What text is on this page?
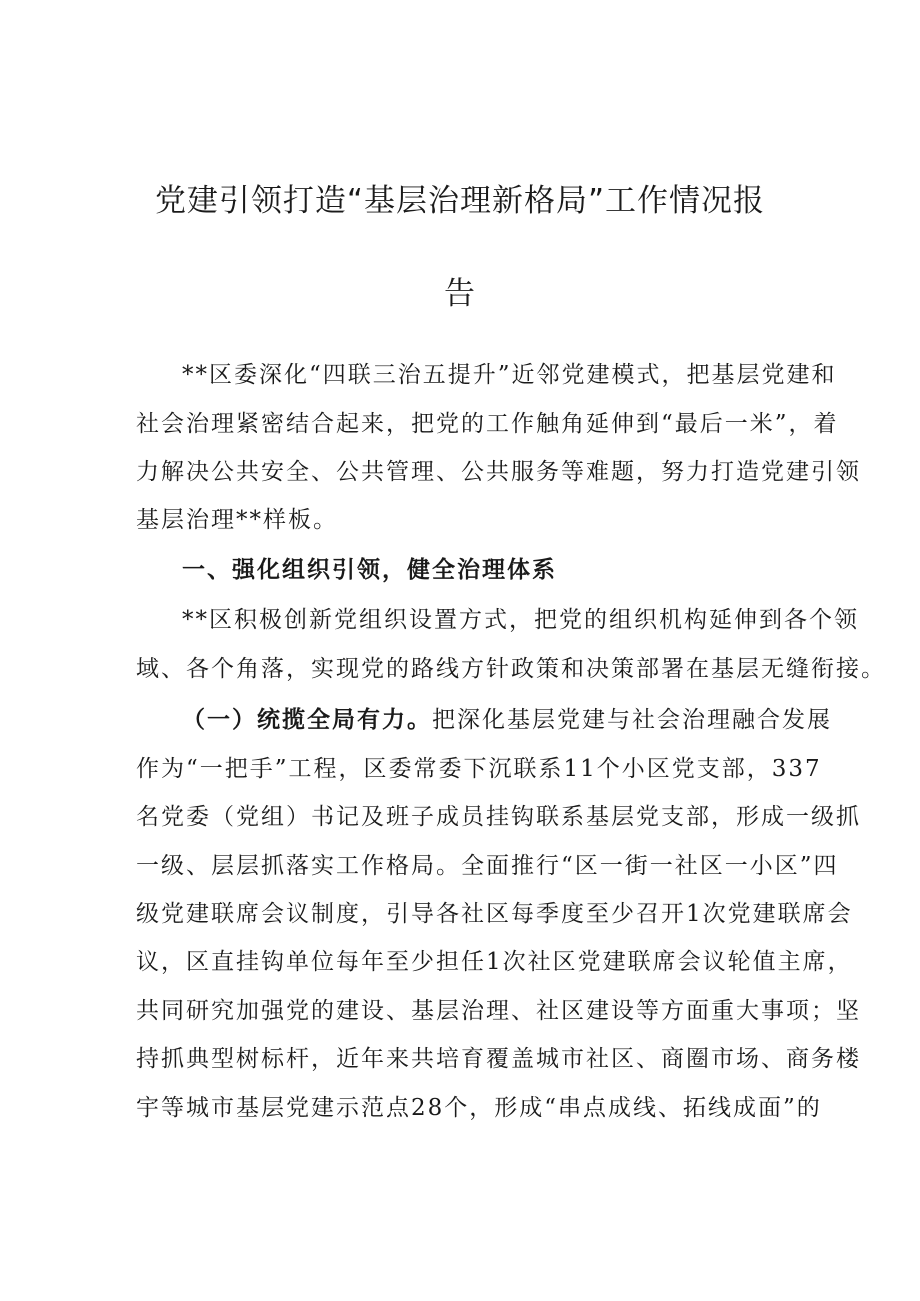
党建引领打造“基层治理新格局”工作情况报
告
**区委深化“四联三治五提升”近邻党建模式，把基层党建和
社会治理紧密结合起来，把党的工作触角延伸到“最后一米”，着
力解决公共安全、公共管理、公共服务等难题，努力打造党建引领
基层治理**样板。
一、强化组织引领，健全治理体系
**区积极创新党组织设置方式，把党的组织机构延伸到各个领
域、各个角落，实现党的路线方针政策和决策部署在基层无缝衔接。
（一）统揽全局有力。把深化基层党建与社会治理融合发展
作为“一把手”工程，区委常委下沉联系11个小区党支部，337
名党委（党组）书记及班子成员挂钩联系基层党支部，形成一级抓
一级、层层抓落实工作格局。全面推行“区一街一社区一小区”四
级党建联席会议制度，引导各社区每季度至少召开1次党建联席会
议，区直挂钩单位每年至少担任1次社区党建联席会议轮值主席，
共同研究加强党的建设、基层治理、社区建设等方面重大事项；坚
持抓典型树标杆，近年来共培育覆盖城市社区、商圈市场、商务楼
宇等城市基层党建示范点28个，形成“串点成线、拓线成面”的
